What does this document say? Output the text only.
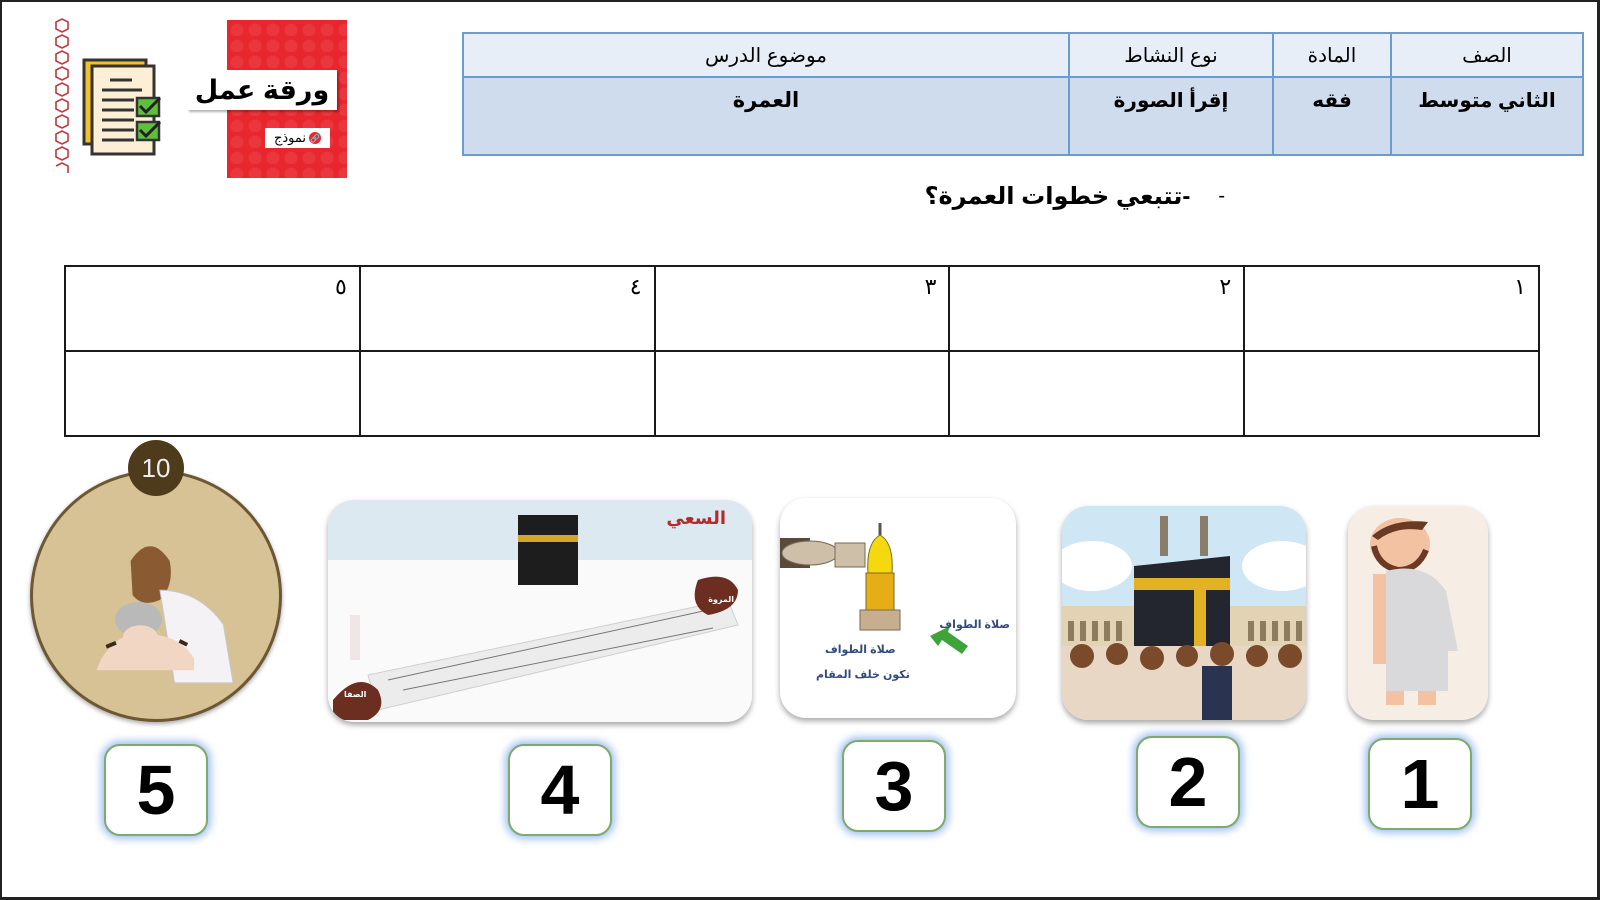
ورقة عمل
🔗
نموذج
الصف	المادة	نوع النشاط	موضوع الدرس
الثاني متوسط	فقه	إقرأ الصورة	العمرة
-
-تتبعي خطوات العمرة؟
١	٢	٣	٤	٥

10
السعي
المروة
الصفا
صلاة الطواف
صلاة الطواف
تكون خلف المقام
5	4	3	2	1
